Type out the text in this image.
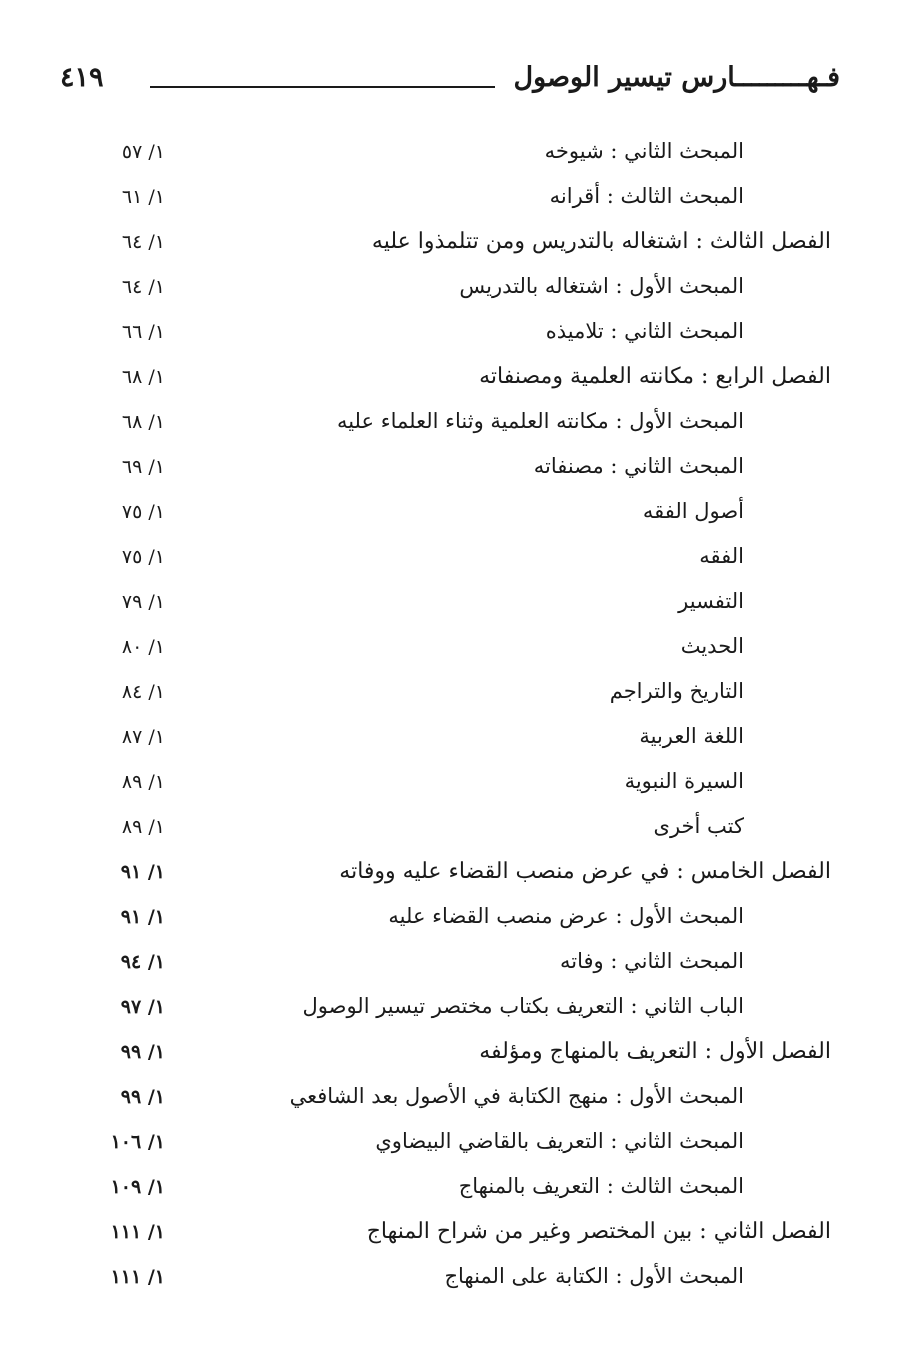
٤١٩	فـهـــــــــارس تيسير الوصول
١/ ٥٧	المبحث الثاني : شيوخه
١/ ٦١	المبحث الثالث : أقرانه
١/ ٦٤	الفصل الثالث : اشتغاله بالتدريس ومن تتلمذوا عليه
١/ ٦٤	المبحث الأول : اشتغاله بالتدريس
١/ ٦٦	المبحث الثاني : تلاميذه
١/ ٦٨	الفصل الرابع : مكانته العلمية ومصنفاته
١/ ٦٨	المبحث الأول : مكانته العلمية وثناء العلماء عليه
١/ ٦٩	المبحث الثاني : مصنفاته
١/ ٧٥	أصول الفقه
١/ ٧٥	الفقه
١/ ٧٩	التفسير
١/ ٨٠	الحديث
١/ ٨٤	التاريخ والتراجم
١/ ٨٧	اللغة العربية
١/ ٨٩	السيرة النبوية
١/ ٨٩	كتب أخرى
١/ ٩١	الفصل الخامس : في عرض منصب القضاء عليه ووفاته
١/ ٩١	المبحث الأول : عرض منصب القضاء عليه
١/ ٩٤	المبحث الثاني : وفاته
١/ ٩٧	الباب الثاني : التعريف بكتاب مختصر تيسير الوصول
١/ ٩٩	الفصل الأول : التعريف بالمنهاج ومؤلفه
١/ ٩٩	المبحث الأول : منهج الكتابة في الأصول بعد الشافعي
١/ ١٠٦	المبحث الثاني : التعريف بالقاضي البيضاوي
١/ ١٠٩	المبحث الثالث : التعريف بالمنهاج
١/ ١١١	الفصل الثاني : بين المختصر وغير من شراح المنهاج
١/ ١١١	المبحث الأول : الكتابة على المنهاج
